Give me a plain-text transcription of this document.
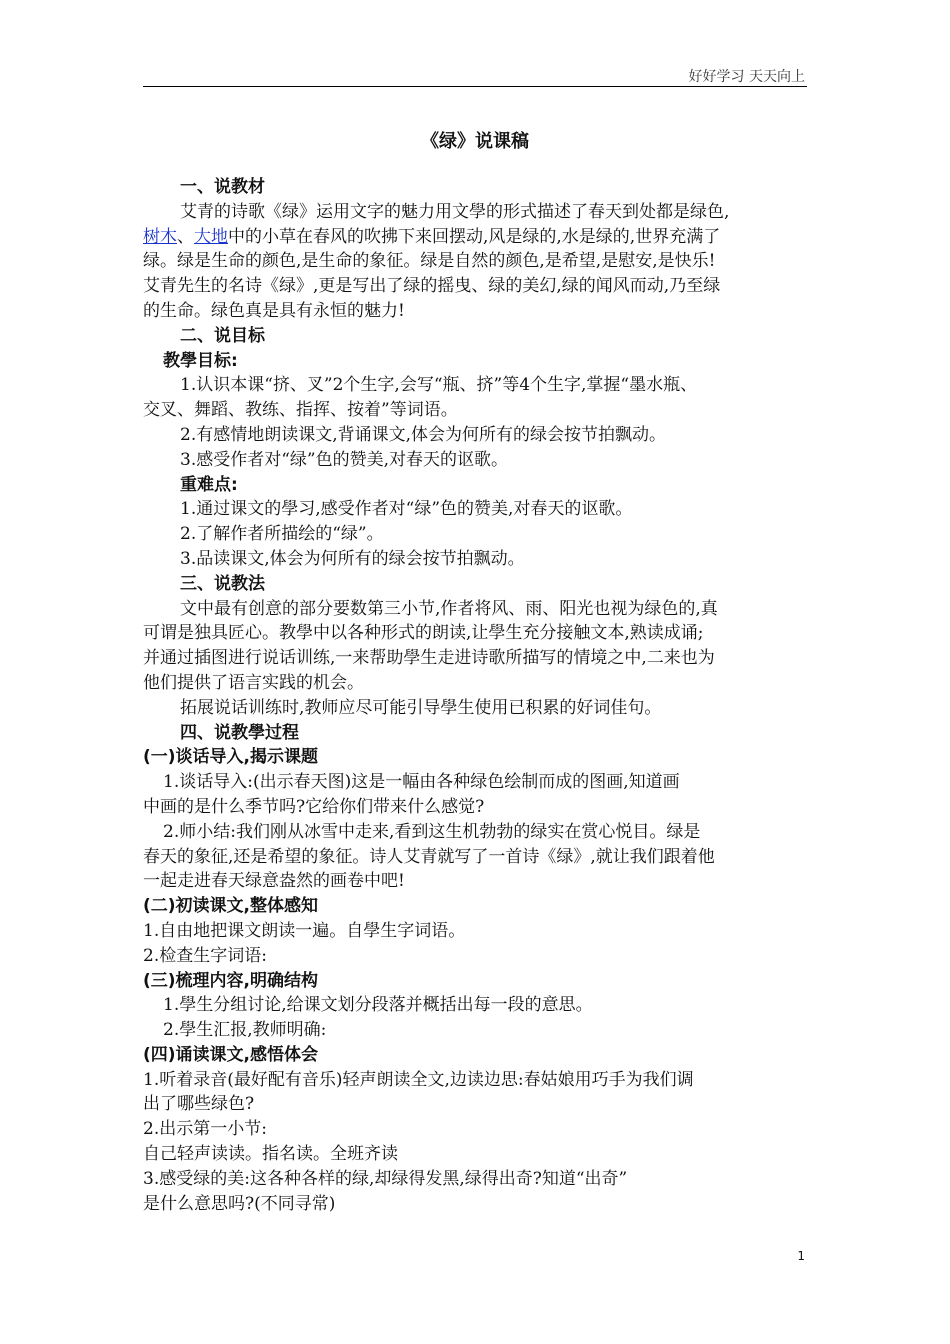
好好学习 天天向上
《绿》说课稿

一、说教材

艾青的诗歌《绿》运用文字的魅力用文學的形式描述了春天到处都是绿色,

树木、大地中的小草在春风的吹拂下来回摆动,风是绿的,水是绿的,世界充满了

绿。绿是生命的颜色,是生命的象征。绿是自然的颜色,是希望,是慰安,是快乐!

艾青先生的名诗《绿》,更是写出了绿的摇曳、绿的美幻,绿的闻风而动,乃至绿

的生命。绿色真是具有永恒的魅力!

二、说目标

教學目标:

1.认识本课“挤、叉”2个生字,会写“瓶、挤”等4个生字,掌握“墨水瓶、

交叉、舞蹈、教练、指挥、按着”等词语。

2.有感情地朗读课文,背诵课文,体会为何所有的绿会按节拍飘动。

3.感受作者对“绿”色的赞美,对春天的讴歌。

重难点:

1.通过课文的學习,感受作者对“绿”色的赞美,对春天的讴歌。

2.了解作者所描绘的“绿”。

3.品读课文,体会为何所有的绿会按节拍飘动。

三、说教法

文中最有创意的部分要数第三小节,作者将风、雨、阳光也视为绿色的,真

可谓是独具匠心。教學中以各种形式的朗读,让學生充分接触文本,熟读成诵;

并通过插图进行说话训练,一来帮助學生走进诗歌所描写的情境之中,二来也为

他们提供了语言实践的机会。

拓展说话训练时,教师应尽可能引导學生使用已积累的好词佳句。

四、说教學过程

(一)谈话导入,揭示课题

1.谈话导入:(出示春天图)这是一幅由各种绿色绘制而成的图画,知道画

中画的是什么季节吗?它给你们带来什么感觉?

2.师小结:我们刚从冰雪中走来,看到这生机勃勃的绿实在赏心悦目。绿是

春天的象征,还是希望的象征。诗人艾青就写了一首诗《绿》,就让我们跟着他

一起走进春天绿意盎然的画卷中吧!

(二)初读课文,整体感知

1.自由地把课文朗读一遍。自學生字词语。

2.检查生字词语:

(三)梳理内容,明确结构

1.學生分组讨论,给课文划分段落并概括出每一段的意思。

2.學生汇报,教师明确:

(四)诵读课文,感悟体会

1.听着录音(最好配有音乐)轻声朗读全文,边读边思:春姑娘用巧手为我们调

出了哪些绿色?

2.出示第一小节:

自己轻声读读。指名读。全班齐读

3.感受绿的美:这各种各样的绿,却绿得发黑,绿得出奇?知道“出奇”

是什么意思吗?(不同寻常)

1
